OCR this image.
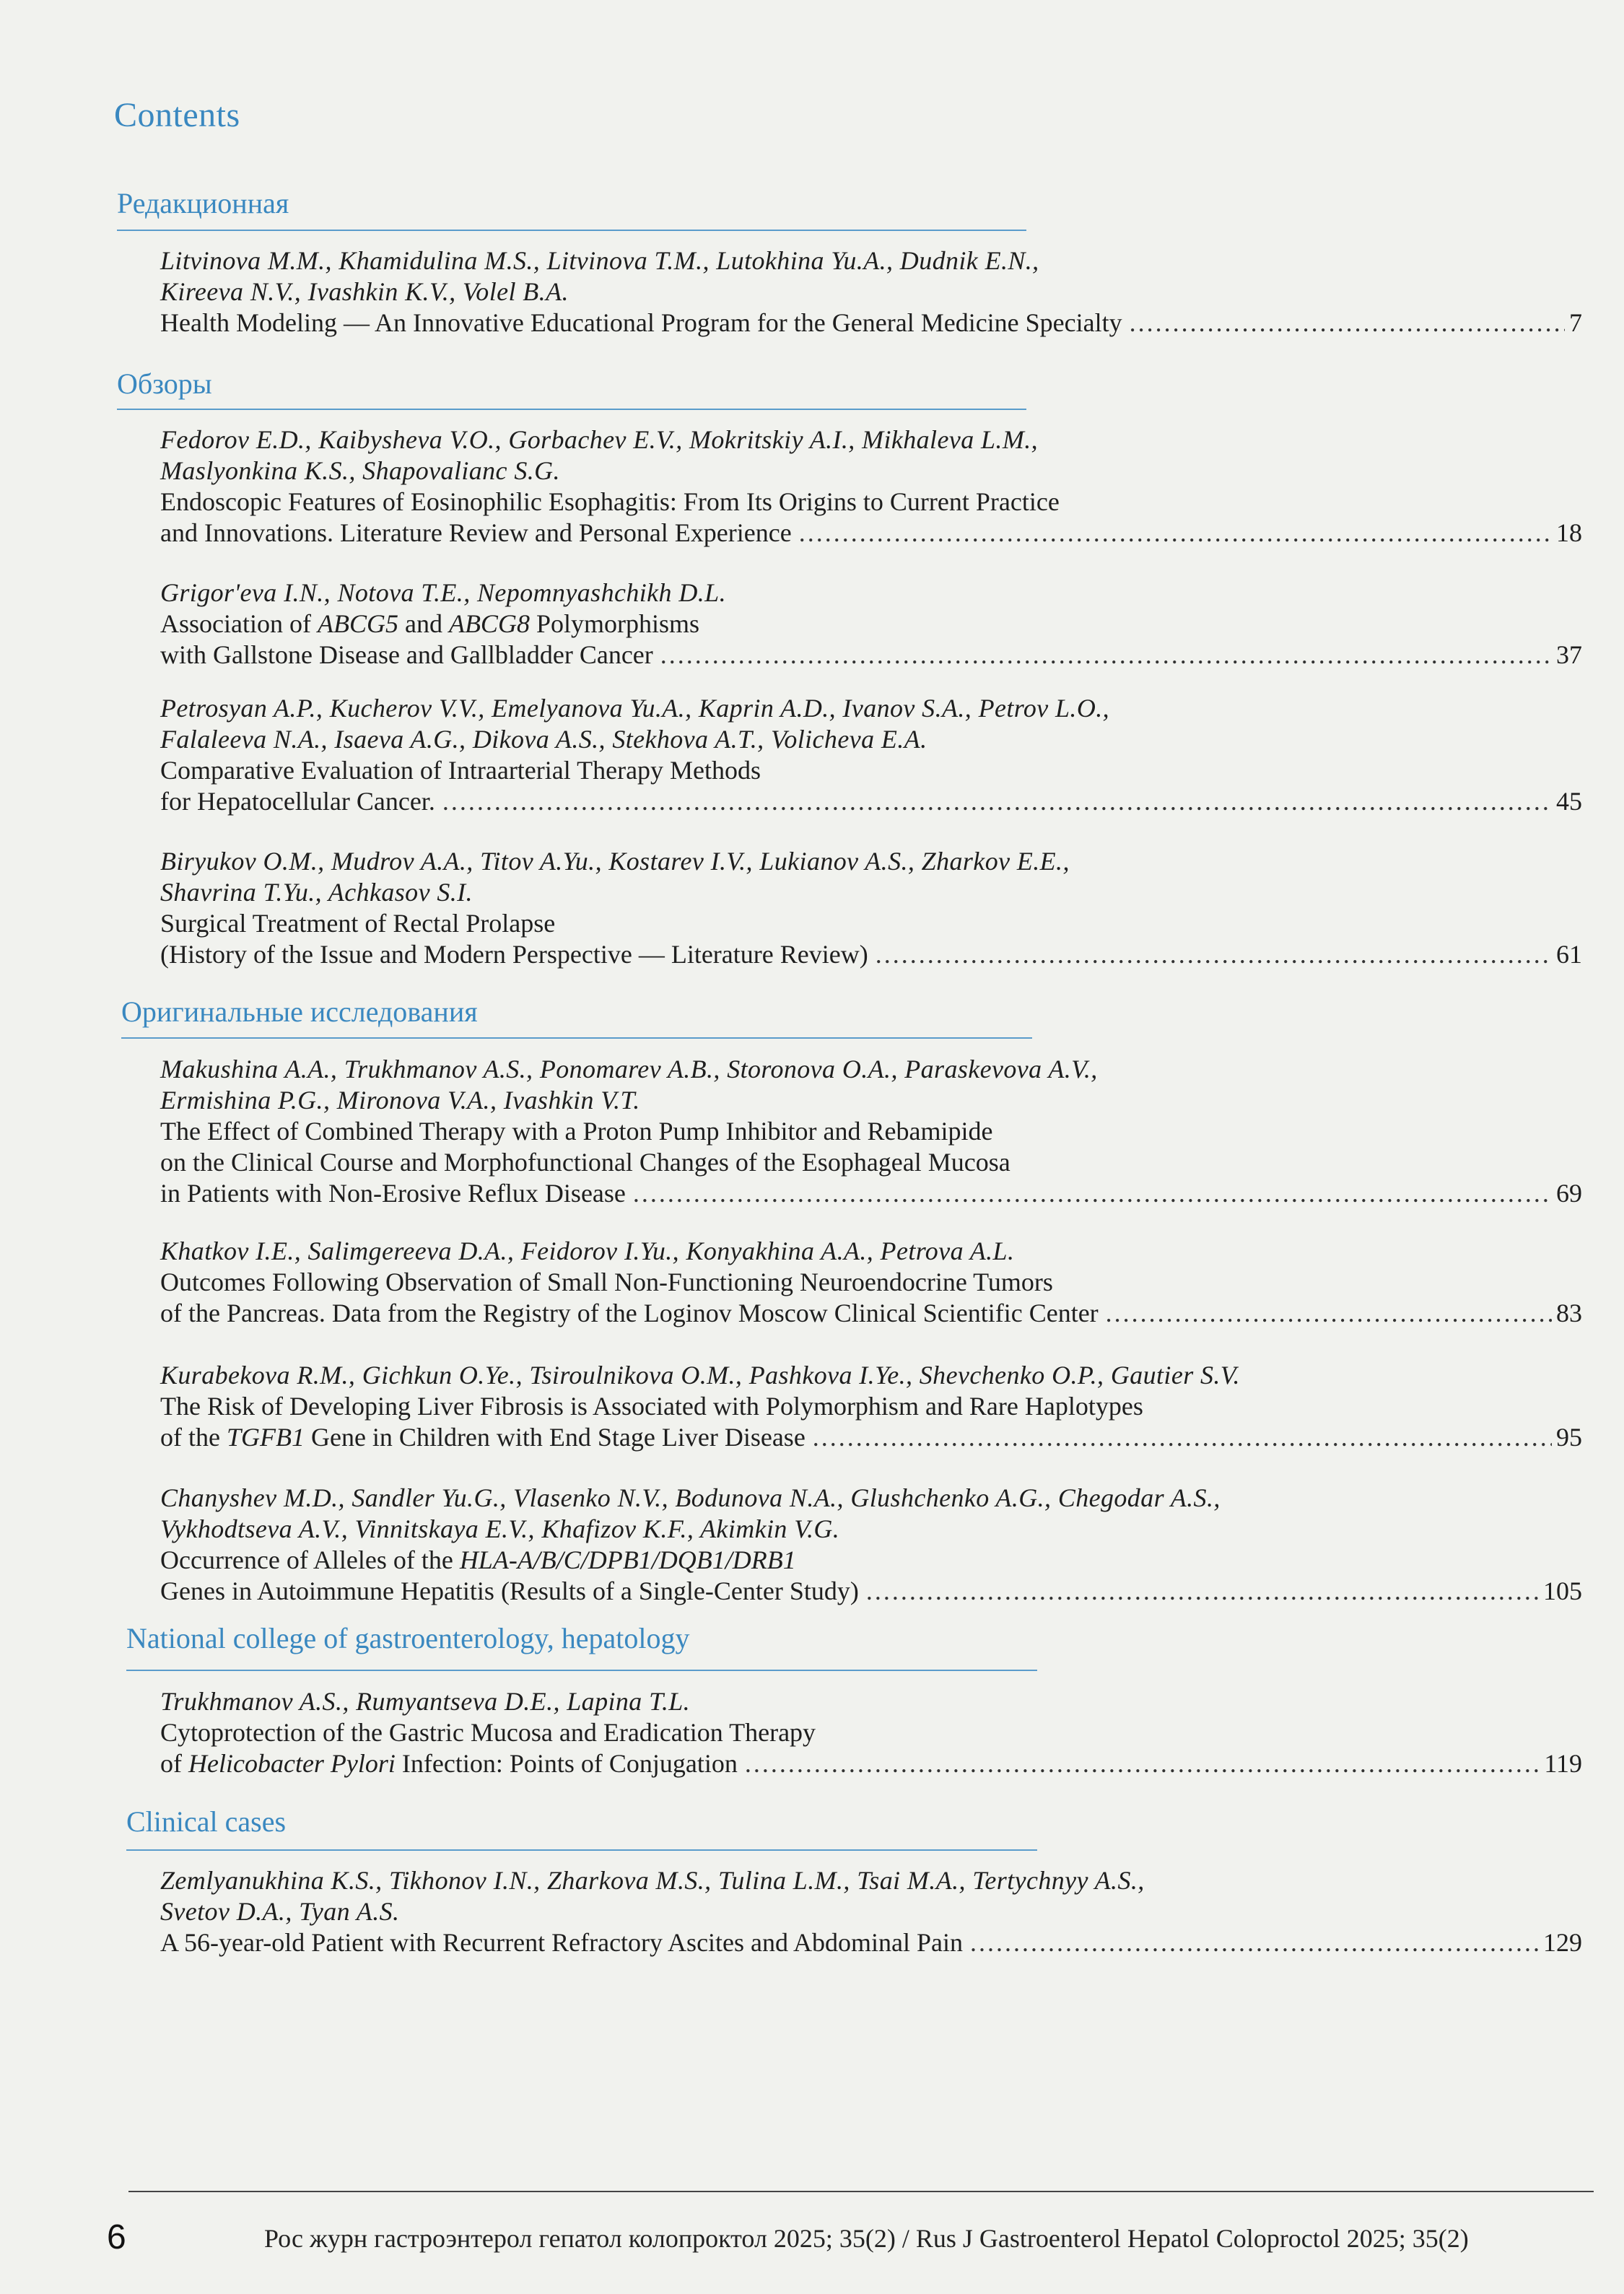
Contents
Редакционная
Litvinova M.M., Khamidulina M.S., Litvinova T.M., Lutokhina Yu.A., Dudnik E.N.,
Kireeva N.V., Ivashkin K.V., Volel B.A.
Health Modeling — An Innovative Educational Program for the General Medicine Specialty . . .	7
Обзоры
Fedorov E.D., Kaibysheva V.O., Gorbachev E.V., Mokritskiy A.I., Mikhaleva L.M.,
Maslyonkina K.S., Shapovalianc S.G.
Endoscopic Features of Eosinophilic Esophagitis: From Its Origins to Current Practice
and Innovations. Literature Review and Personal Experience . . .	18
Grigor'eva I.N., Notova T.E., Nepomnyashchikh D.L.
Association of ABCG5 and ABCG8 Polymorphisms
with Gallstone Disease and Gallbladder Cancer . . .	37
Petrosyan A.P., Kucherov V.V., Emelyanova Yu.A., Kaprin A.D., Ivanov S.A., Petrov L.O.,
Falaleeva N.A., Isaeva A.G., Dikova A.S., Stekhova A.T., Volicheva E.A.
Comparative Evaluation of Intraarterial Therapy Methods
for Hepatocellular Cancer. . . .	45
Biryukov O.M., Mudrov A.A., Titov A.Yu., Kostarev I.V., Lukianov A.S., Zharkov E.E.,
Shavrina T.Yu., Achkasov S.I.
Surgical Treatment of Rectal Prolapse
(History of the Issue and Modern Perspective — Literature Review) . . .	61
Оригинальные исследования
Makushina A.A., Trukhmanov A.S., Ponomarev A.B., Storonova O.A., Paraskevova A.V.,
Ermishina P.G., Mironova V.A., Ivashkin V.T.
The Effect of Combined Therapy with a Proton Pump Inhibitor and Rebamipide
on the Clinical Course and Morphofunctional Changes of the Esophageal Mucosa
in Patients with Non-Erosive Reflux Disease . . .	69
Khatkov I.E., Salimgereeva D.A., Feidorov I.Yu., Konyakhina A.A., Petrova A.L.
Outcomes Following Observation of Small Non-Functioning Neuroendocrine Tumors
of the Pancreas. Data from the Registry of the Loginov Moscow Clinical Scientific Center . . .	83
Kurabekova R.M., Gichkun O.Ye., Tsiroulnikova O.M., Pashkova I.Ye., Shevchenko O.P., Gautier S.V.
The Risk of Developing Liver Fibrosis is Associated with Polymorphism and Rare Haplotypes
of the TGFB1 Gene in Children with End Stage Liver Disease . . .	95
Chanyshev M.D., Sandler Yu.G., Vlasenko N.V., Bodunova N.A., Glushchenko A.G., Chegodar A.S.,
Vykhodtseva A.V., Vinnitskaya E.V., Khafizov K.F., Akimkin V.G.
Occurrence of Alleles of the HLA-A/B/C/DPB1/DQB1/DRB1
Genes in Autoimmune Hepatitis (Results of a Single-Center Study) . . .	105
National college of gastroenterology, hepatology
Trukhmanov A.S., Rumyantseva D.E., Lapina T.L.
Cytoprotection of the Gastric Mucosa and Eradication Therapy
of Helicobacter Pylori Infection: Points of Conjugation . . .	119
Clinical cases
Zemlyanukhina K.S., Tikhonov I.N., Zharkova M.S., Tulina L.M., Tsai M.A., Tertychnyy A.S.,
Svetov D.A., Tyan A.S.
A 56-year-old Patient with Recurrent Refractory Ascites and Abdominal Pain . . .	129
6	Рос журн гастроэнтерол гепатол колопроктол 2025; 35(2) / Rus J Gastroenterol Hepatol Coloproctol 2025; 35(2)
